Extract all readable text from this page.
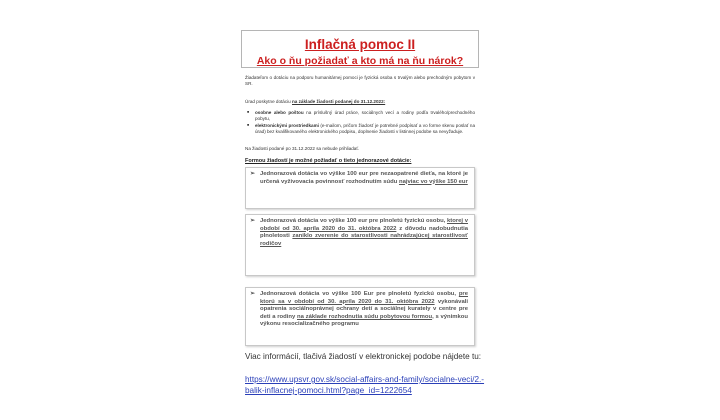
Inflačná pomoc II
Ako o ňu požiadať a kto má na ňu nárok?
Žiadateľom o dotáciu na podporu humanitárnej pomoci je fyzická osoba s trvalým alebo prechodným pobytom v SR.
Úrad poskytne dotáciu na základe žiadosti podanej do 31.12.2022:
■ osobne alebo poštou na príslušný úrad práce, sociálnych vecí a rodiny podľa trvalého/prechodného pobytu,
■ elektronickými prostriedkami (e-mailom, pričom žiadosť je potrebné podpísať a vo forme skenu poslať na úrad) bez kvalifikovaného elektronického podpisu, doplnenie žiadosti v listinnej podobe sa nevyžaduje.
Na žiadosti podané po 31.12.2022 sa nebude prihliadať.
Formou žiadostí je možné požiadať o tieto jednorazové dotácie:
➢ Jednorazová dotácia vo výške 100 eur pre nezaopatrené dieťa, na ktoré je určená vyživovacia povinnosť rozhodnutím súdu najviac vo výške 150 eur
➢ Jednorazová dotácia vo výške 100 eur pre plnoletú fyzickú osobu, ktorej v období od 30. apríla 2020 do 31. októbra 2022 z dôvodu nadobudnutia plnoletosti zaniklo zverenie do starostlivosti nahrádzajúcej starostlivosť rodičov
➢ Jednorazová dotácia vo výške 100 Eur pre plnoletú fyzickú osobu, pre ktorú sa v období od 30. apríla 2020 do 31. októbra 2022 vykonávali opatrenia sociálnoprávnej ochrany detí a sociálnej kurately v centre pre deti a rodiny na základe rozhodnutia súdu pobytovou formou, s výnimkou výkonu resocializačného programu
Viac informácií, tlačivá žiadostí v elektronickej podobe nájdete tu:
https://www.upsvr.gov.sk/social-affairs-and-family/socialne-veci/2.-balik-inflacnej-pomoci.html?page_id=1222654
